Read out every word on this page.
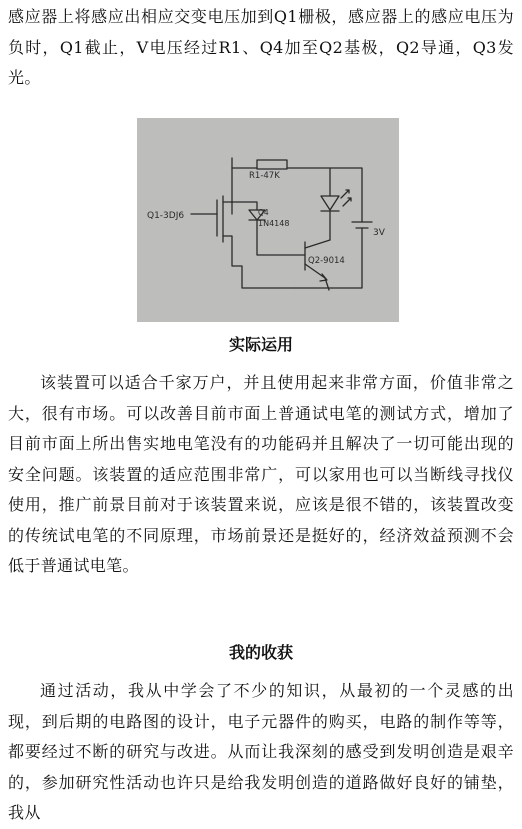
感应器上将感应出相应交变电压加到Q1栅极，感应器上的感应电压为负时，Q1截止，V电压经过R1、Q4加至Q2基极，Q2导通，Q3发光。

R1-47K
Q1-3DJ6	Q4
1N4148
Q2-9014
3V
实际运用

该装置可以适合千家万户，并且使用起来非常方面，价值非常之大，很有市场。可以改善目前市面上普通试电笔的测试方式，增加了目前市面上所出售实地电笔没有的功能码并且解决了一切可能出现的安全问题。该装置的适应范围非常广，可以家用也可以当断线寻找仪使用，推广前景目前对于该装置来说，应该是很不错的，该装置改变的传统试电笔的不同原理，市场前景还是挺好的，经济效益预测不会低于普通试电笔。

我的收获

通过活动，我从中学会了不少的知识，从最初的一个灵感的出现，到后期的电路图的设计，电子元器件的购买，电路的制作等等，都要经过不断的研究与改进。从而让我深刻的感受到发明创造是艰辛的，参加研究性活动也许只是给我发明创造的道路做好良好的铺垫，我从
